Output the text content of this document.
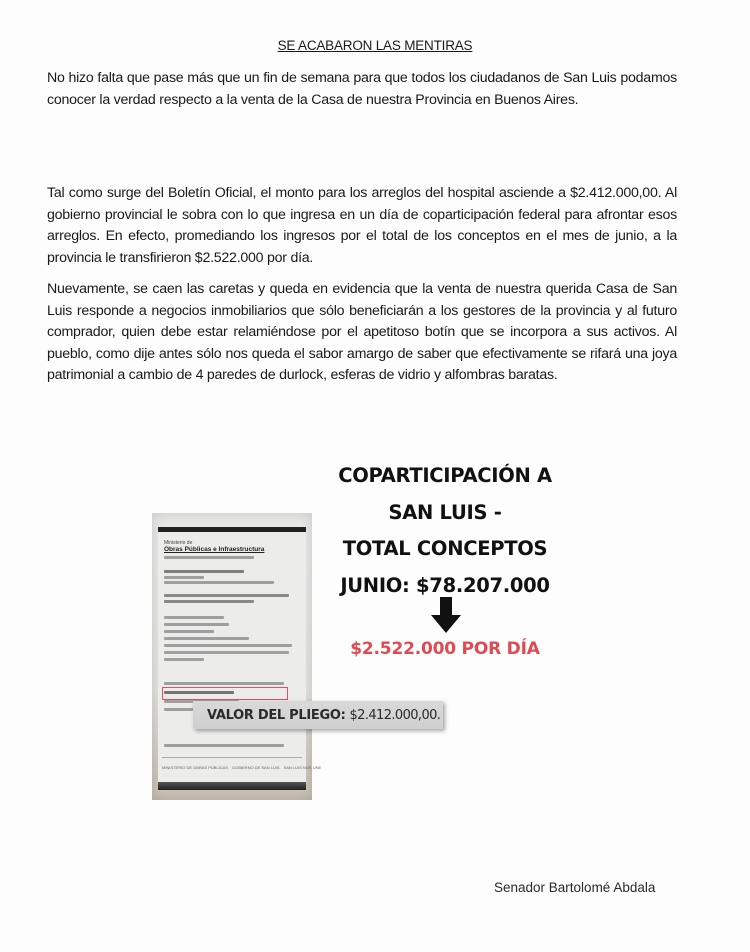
SE ACABARON LAS MENTIRAS

No hizo falta que pase más que un fin de semana para que todos los ciudadanos de San Luis podamos conocer la verdad respecto a la venta de la Casa de nuestra Provincia en Buenos Aires.

Tal como surge del Boletín Oficial, el monto para los arreglos del hospital asciende a $2.412.000,00. Al gobierno provincial le sobra con lo que ingresa en un día de coparticipación federal para afrontar esos arreglos. En efecto, promediando los ingresos por el total de los conceptos en el mes de junio, a la provincia le transfirieron $2.522.000 por día.

Nuevamente, se caen las caretas y queda en evidencia que la venta de nuestra querida Casa de San Luis responde a negocios inmobiliarios que sólo beneficiarán a los gestores de la provincia y al futuro comprador, quien debe estar relamiéndose por el apetitoso botín que se incorpora a sus activos. Al pueblo, como dije antes sólo nos queda el sabor amargo de saber que efectivamente se rifará una joya patrimonial a cambio de 4 paredes de durlock, esferas de vidrio y alfombras baratas.

Ministerio de
Obras Públicas e Infraestructura
MINISTERIO DE OBRAS PÚBLICAS GOBIERNO DE SAN LUIS SAN LUIS NOS UNE
VALOR DEL PLIEGO: $2.412.000,00.
COPARTICIPACIÓN A
SAN LUIS -
TOTAL CONCEPTOS
JUNIO: $78.207.000
$2.522.000 POR DÍA
Senador Bartolomé Abdala
